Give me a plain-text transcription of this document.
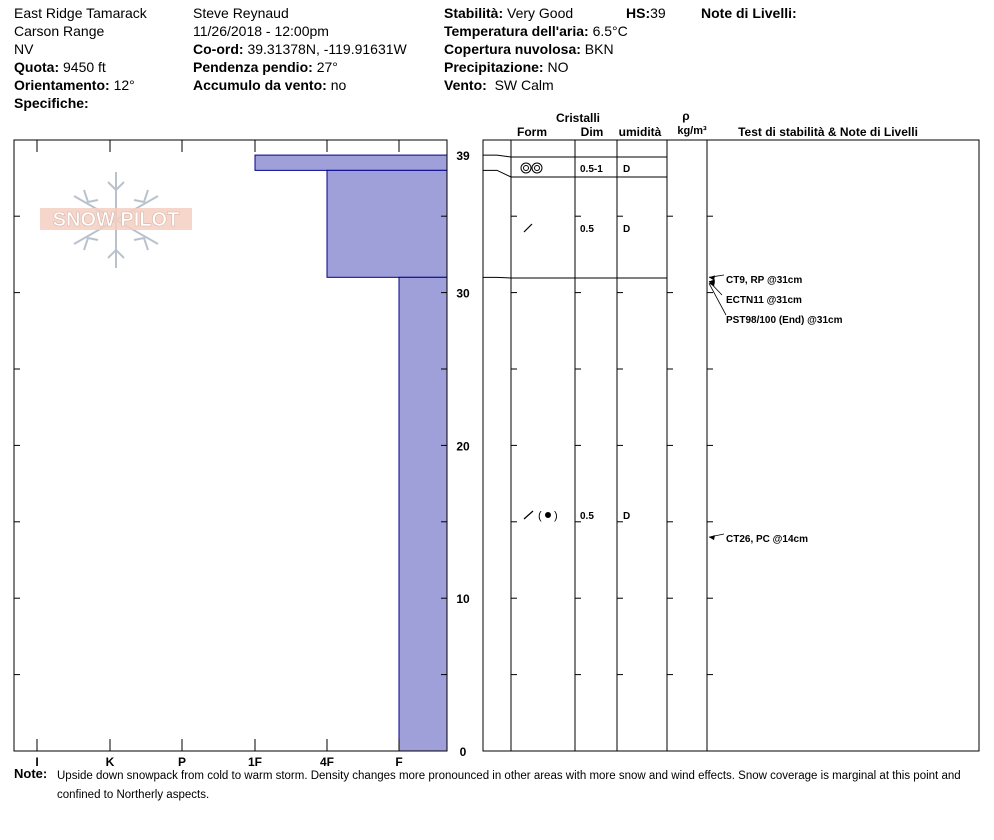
East Ridge Tamarack
Carson Range
NV
Quota: 9450 ft
Orientamento: 12°
Specifiche:
Steve Reynaud
11/26/2018 - 12:00pm
Co-ord: 39.31378N, -119.91631W
Pendenza pendio: 27°
Accumulo da vento: no
Stabilità: Very Good	HS:39	Note di Livelli:
Temperatura dell'aria: 6.5°C
Copertura nuvolosa: BKN
Precipitazione: NO
Vento: SW Calm
SNOW PILOT
I	K	P	1F	4F	F
0
10
20
30
39
0.5-1 D
0.5	D
( ) 0.5	D
CT9, RP @31cm
ECTN11 @31cm
PST98/100 (End) @31cm
CT26, PC @14cm
Cristalli
Form	Dim umidità
ρ
kg/m³	Test di stabilità & Note di Livelli
Note: Upside down snowpack from cold to warm storm. Density changes more pronounced in other areas with more snow and wind effects. Snow coverage is marginal at this point and confined to Northerly aspects.
